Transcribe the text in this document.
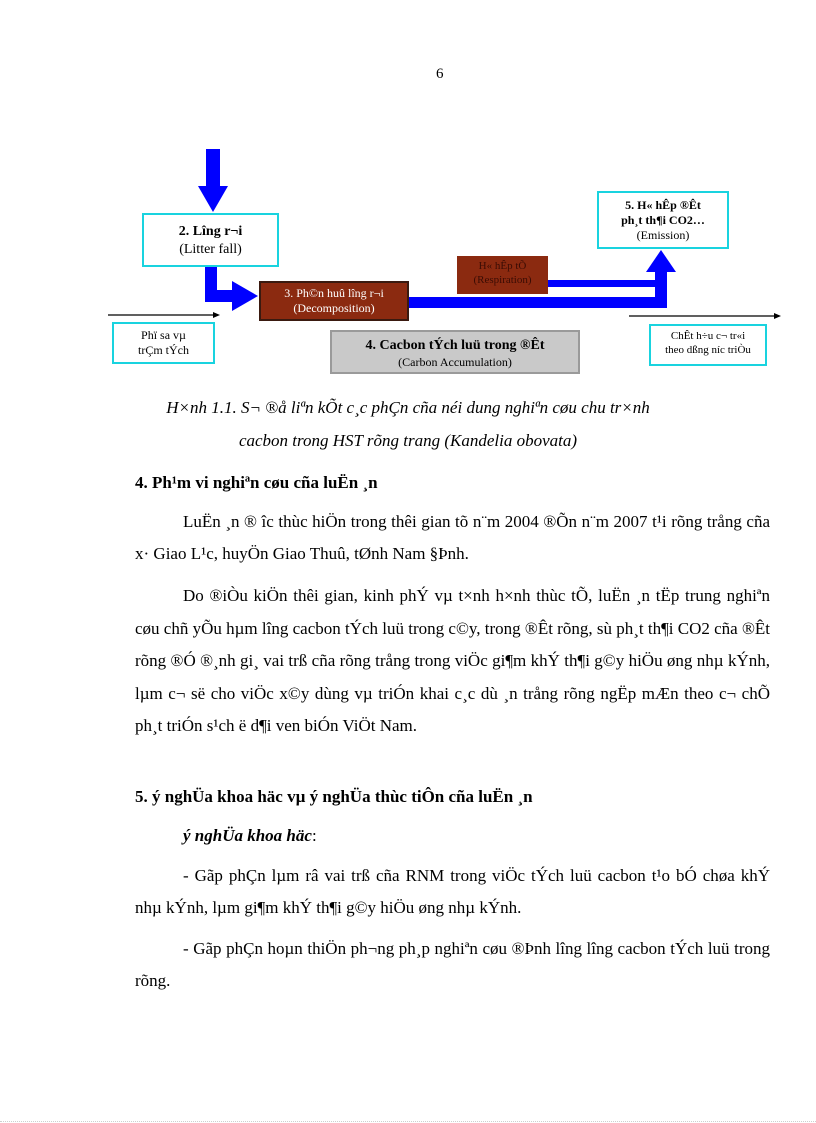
6
2. Lîng r¬i
(Litter fall)
3. Ph©n huû lîng r¬i
(Decomposition)
H« hÊp tÕ
(Respiration)
5. H« hÊp ®Êt
ph¸t th¶i CO2…
(Emission)
4. Cacbon tÝch luü trong ®Êt
(Carbon Accumulation)
Phï sa vµ
trÇm tÝch
ChÊt h÷u c¬ tr«i
theo dßng níc triÒu
H×nh 1.1. S¬ ®å liªn kÕt c¸c phÇn cña néi dung nghiªn cøu chu tr×nh
cacbon trong HST rõng trang (Kandelia obovata)
4. Ph¹m vi nghiªn cøu cña luËn ¸n
LuËn ¸n ® îc thùc hiÖn trong thêi gian tõ n¨m 2004 ®Õn n¨m 2007 t¹i rõng trång cña x· Giao L¹c, huyÖn Giao Thuû, tØnh Nam §Þnh.
Do ®iÒu kiÖn thêi gian, kinh phÝ vµ t×nh h×nh thùc tÕ, luËn ¸n tËp trung nghiªn cøu chñ yÕu hµm lîng cacbon tÝch luü trong c©y, trong ®Êt rõng, sù ph¸t th¶i CO2 cña ®Êt rõng ®Ó ®¸nh gi¸ vai trß cña rõng trång trong viÖc gi¶m khÝ th¶i g©y hiÖu øng nhµ kÝnh, lµm c¬ së cho viÖc x©y dùng vµ triÓn khai c¸c dù ¸n trång rõng ngËp mÆn theo c¬ chÕ ph¸t triÓn s¹ch ë d¶i ven biÓn ViÖt Nam.
5. ý nghÜa khoa häc vµ ý nghÜa thùc tiÔn cña luËn ¸n
ý nghÜa khoa häc:
- Gãp phÇn lµm râ vai trß cña RNM trong viÖc tÝch luü cacbon t¹o bÓ chøa khÝ nhµ kÝnh, lµm gi¶m khÝ th¶i g©y hiÖu øng nhµ kÝnh.
- Gãp phÇn hoµn thiÖn ph¬ng ph¸p nghiªn cøu ®Þnh lîng lîng cacbon tÝch luü trong rõng.
